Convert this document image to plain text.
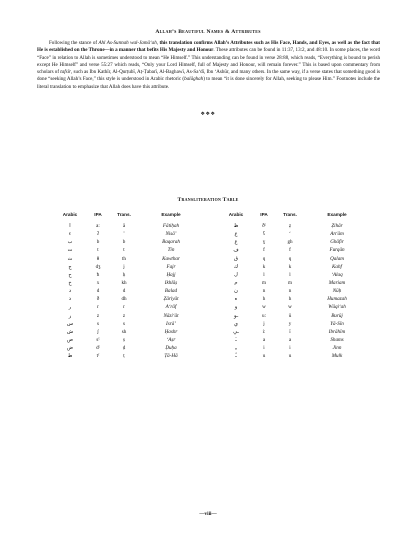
Allah’s Beautiful Names & Attributes

Following the stance of Ahl As-Sunnah wal-Jamā‘ah, this translation confirms Allah’s Attributes such as His Face, Hands, and Eyes, as well as the fact that He is established on the Throne—in a manner that befits His Majesty and Honour. These attributes can be found in 11:37, 13:2, and 48:10. In some places, the word “Face” in relation to Allah is sometimes understood to mean “He Himself.” This understanding can be found in verse 28:88, which reads, “Everything is bound to perish except He Himself” and verse 55:27 which reads, “Only your Lord Himself, full of Majesty and Honour, will remain forever.” This is based upon commentary from scholars of tafsīr, such as Ibn Kathīr, Al-Qurṭubī, Aṭ-Ṭabarī, Al-Baghawī, As-Sa‘dī, Ibn ‘Ashūr, and many others. In the same way, if a verse states that something good is done “seeking Allah’s Face,” this style is understood in Arabic rhetoric (balāghah) to mean “it is done sincerely for Allah, seeking to please Him.” Footnotes include the literal translation to emphasize that Allah does have this attribute.

❖❖❖
Transliteration Table
Arabic	IPA	Trans.	Example
ا	a:	ā	Fātiḥah
ء	ʔ	’	Nisā’
ب	b	b	Baqarah
ت	t	t	Tīn
ث	θ	th	Kawthar
ج	dʒ	j	Fajr
ح	ħ	ḥ	Ḥajj
خ	x	kh	Ikhlāṣ
د	d	d	Balad
ذ	ð	dh	Ẓāriyāt
ر	r	r	A‘rāf
ز	z	z	Nāzi‘āt
س	s	s	Isrā’
ش	ʃ	sh	Ḥashr
ص	sˤ	ṣ	‘Aṣr
ض	dˤ	ḍ	Ḍuḥa
ط	tˤ	ṭ	Ṭā-Hā
Arabic	IPA	Trans.	Example
ظ	ðˤ	ẓ	Ẓihār
ع	ʕ	‘	An‘ām
غ	ɣ	gh	Ghāfir
ف	f	f	Furqān
ق	q	q	Qalam
ك	k	k	Kahf
ل	l	l	‘Alaq
م	m	m	Mariam
ن	n	n	Nūḥ
ه	h	h	Humazah
و	w	w	Wāqi‘ah
ـو	u:	ū	Burūj
ي	j	y	Yā-Sīn
ـي	i:	ī	Ibrāhīm
ـَ	a	a	Shams
ـِ	i	i	Jinn
ـُ	u	u	Mulk
—viii—
